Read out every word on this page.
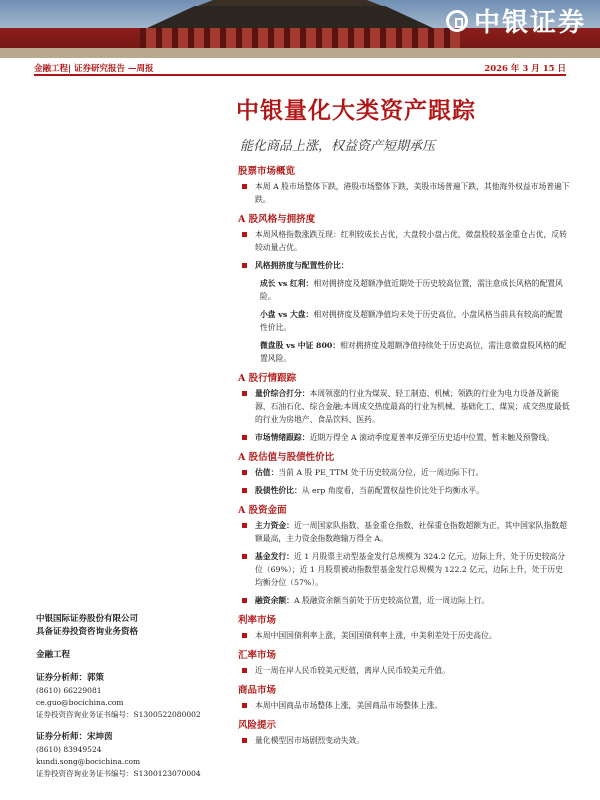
中银证券
金融工程| 证券研究报告 —周报	2026 年 3 月 15 日
中银量化大类资产跟踪
能化商品上涨，权益资产短期承压
中银国际证券股份有限公司
具备证券投资咨询业务资格
金融工程
证券分析师：郭策
(8610) 66229081
ce.guo@bocichina.com
证券投资咨询业务证书编号：S1300522080002
证券分析师：宋坤茵
(8610) 83949524
kundi.song@bocichina.com
证券投资咨询业务证书编号：S1300123070004
股票市场概览
本周 A 股市场整体下跌，港股市场整体下跌，美股市场普遍下跌，其他海外权益市场普遍下跌。
A 股风格与拥挤度
本周风格指数涨跌互现：红利较成长占优，大盘较小盘占优，微盘股较基金重仓占优，反转较动量占优。
风格拥挤度与配置性价比：
成长 vs 红利：相对拥挤度及超额净值近期处于历史较高位置，需注意成长风格的配置风险。
小盘 vs 大盘：相对拥挤度及超额净值均未处于历史高位，小盘风格当前具有较高的配置性价比。
微盘股 vs 中证 800：相对拥挤度及超额净值持续处于历史高位，需注意微盘股风格的配置风险。
A 股行情跟踪
量价综合打分：本周领涨的行业为煤炭、轻工制造、机械；领跌的行业为电力设备及新能源、石油石化、综合金融;本周成交热度最高的行业为机械、基础化工、煤炭；成交热度最低的行业为房地产、食品饮料、医药。
市场情绪跟踪：近期万得全 A 滚动季度夏普率反弹至历史适中位置，暂未触及预警线。
A 股估值与股债性价比
估值：当前 A 股 PE_TTM 处于历史较高分位，近一周边际下行。
股债性价比：从 erp 角度看，当前配置权益性价比处于均衡水平。
A 股资金面
主力资金：近一周国家队指数、基金重仓指数、社保重仓指数超额为正，其中国家队指数超额最高，主力资金指数跑输万得全 A。
基金发行：近 1 月股票主动型基金发行总规模为 324.2 亿元，边际上升，处于历史较高分位（69%）；近 1 月股票被动指数型基金发行总规模为 122.2 亿元，边际上升，处于历史均衡分位（57%）。
融资余额：A 股融资余额当前处于历史较高位置，近一周边际上行。
利率市场
本周中国国债利率上涨，美国国债利率上涨，中美利差处于历史高位。
汇率市场
近一周在岸人民币较美元贬值，离岸人民币较美元升值。
商品市场
本周中国商品市场整体上涨，美国商品市场整体上涨。
风险提示
量化模型因市场剧烈变动失效。
